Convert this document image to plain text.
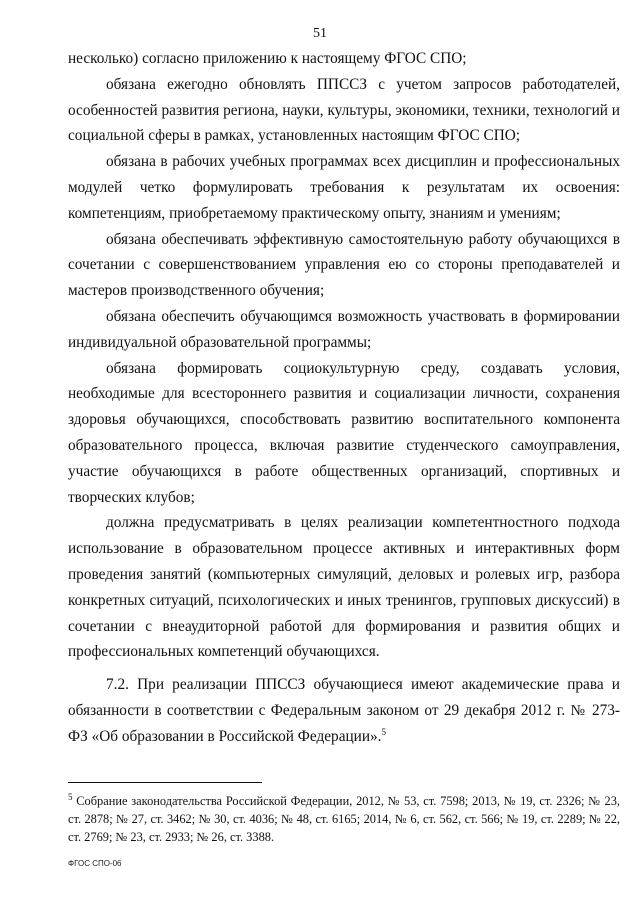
51

несколько) согласно приложению к настоящему ФГОС СПО;

обязана ежегодно обновлять ППССЗ с учетом запросов работодателей, особенностей развития региона, науки, культуры, экономики, техники, технологий и социальной сферы в рамках, установленных настоящим ФГОС СПО;

обязана в рабочих учебных программах всех дисциплин и профессиональных модулей четко формулировать требования к результатам их освоения: компетенциям, приобретаемому практическому опыту, знаниям и умениям;

обязана обеспечивать эффективную самостоятельную работу обучающихся в сочетании с совершенствованием управления ею со стороны преподавателей и мастеров производственного обучения;

обязана обеспечить обучающимся возможность участвовать в формировании индивидуальной образовательной программы;

обязана формировать социокультурную среду, создавать условия, необходимые для всестороннего развития и социализации личности, сохранения здоровья обучающихся, способствовать развитию воспитательного компонента образовательного процесса, включая развитие студенческого самоуправления, участие обучающихся в работе общественных организаций, спортивных и творческих клубов;

должна предусматривать в целях реализации компетентностного подхода использование в образовательном процессе активных и интерактивных форм проведения занятий (компьютерных симуляций, деловых и ролевых игр, разбора конкретных ситуаций, психологических и иных тренингов, групповых дискуссий) в сочетании с внеаудиторной работой для формирования и развития общих и профессиональных компетенций обучающихся.

7.2. При реализации ППССЗ обучающиеся имеют академические права и обязанности в соответствии с Федеральным законом от 29 декабря 2012 г. № 273-ФЗ «Об образовании в Российской Федерации».$^5$

$^5$ Собрание законодательства Российской Федерации, 2012, № 53, ст. 7598; 2013, № 19, ст. 2326; № 23, ст. 2878; № 27, ст. 3462; № 30, ст. 4036; № 48, ст. 6165; 2014, № 6, ст. 562, ст. 566; № 19, ст. 2289; № 22, ст. 2769; № 23, ст. 2933; № 26, ст. 3388.
ФГОС СПО-06
